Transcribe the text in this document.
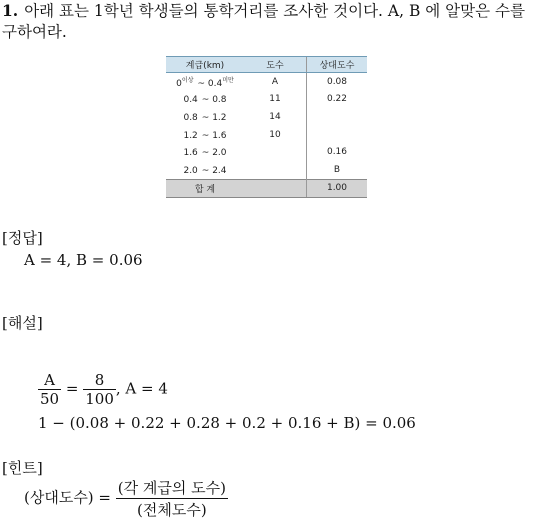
1. 아래 표는 1학년 학생들의 통학거리를 조사한 것이다. A, B 에 알맞은 수를
구하여라.
계급(km)	도수	상대도수
$0^{이상}$ ~ $0.4^{미만}$	A	0.08
0.4 ~ 0.8	11	0.22
0.8 ~ 1.2	14	
1.2 ~ 1.6	10	
1.6 ~ 2.0		0.16
2.0 ~ 2.4		B
합 계		1.00
[정답]
A = 4, B = 0.06
[해설]
$\frac{A}{50} = \frac{8}{100}$ , A = 4
1 − (0.08 + 0.22 + 0.28 + 0.2 + 0.16 + B) = 0.06
[힌트]
(상대도수) = $\frac{\text{(각 계급의 도수)}}{\text{(전체도수)}}$
